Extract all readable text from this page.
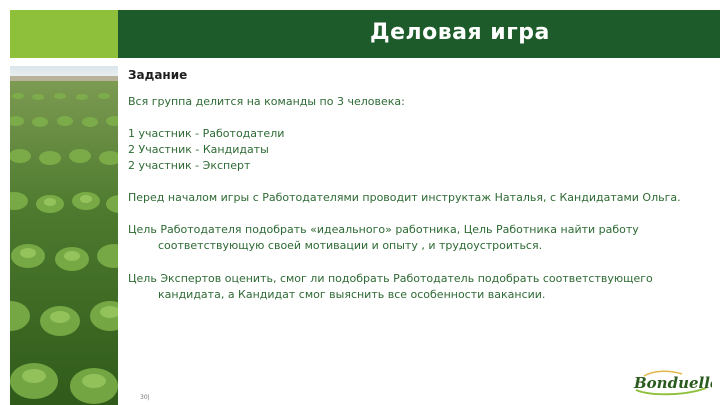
Деловая игра
Задание

Вся группа делится на команды по 3 человека:

1 участник - Работодатели

2 Участник - Кандидаты

2 участник - Эксперт

Перед началом игры с Работодателями проводит инструктаж Наталья, с Кандидатами Ольга.

Цель Работодателя подобрать «идеального» работника, Цель Работника найти работу соответствующую своей мотивации и опыту , и трудоустроиться.

Цель Экспертов оценить, смог ли подобрать Работодатель подобрать соответствующего кандидата, а Кандидат смог выяснить все особенности вакансии.

30|
Bonduelle
